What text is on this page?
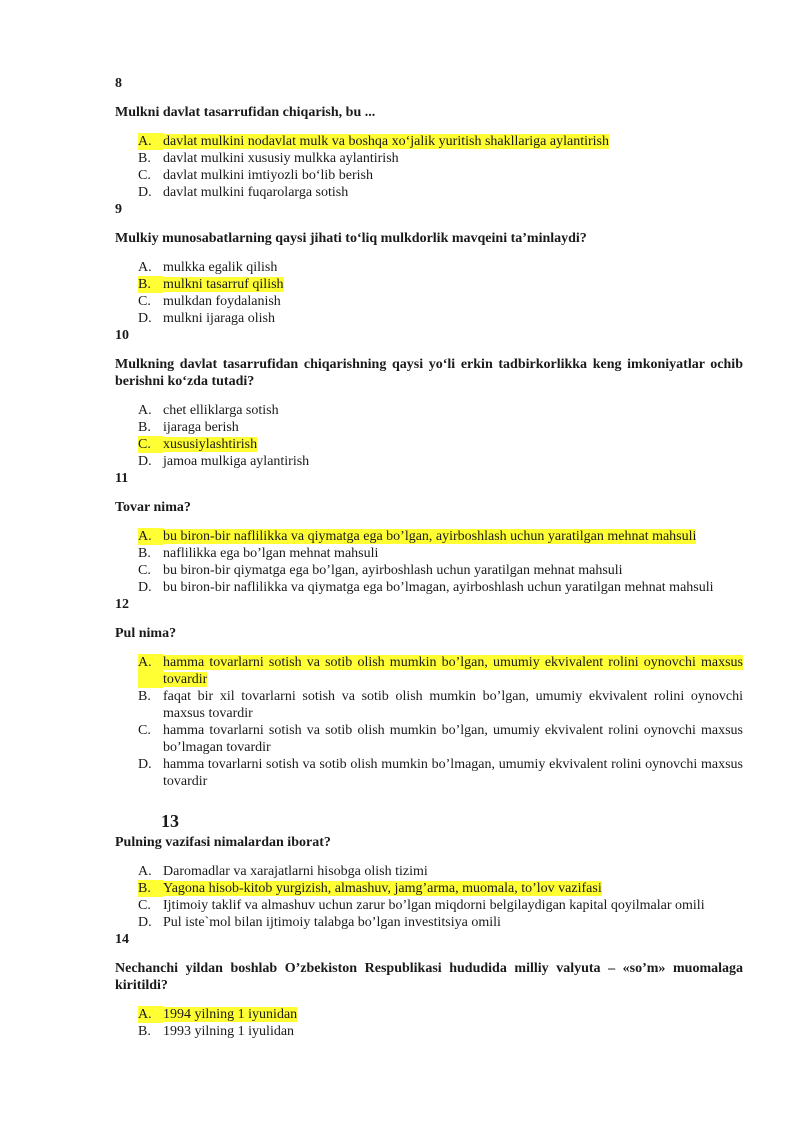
8
Mulkni davlat tasarrufidan chiqarish, bu ...
A. davlat mulkini nodavlat mulk va boshqa xo‘jalik yuritish shakllariga aylantirish
B. davlat mulkini xususiy mulkka aylantirish
C. davlat mulkini imtiyozli bo‘lib berish
D. davlat mulkini fuqarolarga sotish
9
Mulkiy munosabatlarning qaysi jihati to‘liq mulkdorlik mavqeini ta’minlaydi?
A. mulkka egalik qilish
B. mulkni tasarruf qilish
C. mulkdan foydalanish
D. mulkni ijaraga olish
10
Mulkning davlat tasarrufidan chiqarishning qaysi yo‘li erkin tadbirkorlikka keng imkoniyatlar ochib berishni ko‘zda tutadi?
A. chet elliklarga sotish
B. ijaraga berish
C. xususiylashtirish
D. jamoa mulkiga aylantirish
11
Tovar nima?
A. bu biron-bir naflilikka va qiymatga ega bo’lgan, ayirboshlash uchun yaratilgan mehnat mahsuli
B. naflilikka ega bo’lgan mehnat mahsuli
C. bu biron-bir qiymatga ega bo’lgan, ayirboshlash uchun yaratilgan mehnat mahsuli
D. bu biron-bir naflilikka va qiymatga ega bo’lmagan, ayirboshlash uchun yaratilgan mehnat mahsuli
12
Pul nima?
A. hamma tovarlarni sotish va sotib olish mumkin bo’lgan, umumiy ekvivalent rolini oynovchi maxsus tovardir
B. faqat bir xil tovarlarni sotish va sotib olish mumkin bo’lgan, umumiy ekvivalent rolini oynovchi maxsus tovardir
C. hamma tovarlarni sotish va sotib olish mumkin bo’lgan, umumiy ekvivalent rolini oynovchi maxsus bo’lmagan tovardir
D. hamma tovarlarni sotish va sotib olish mumkin bo’lmagan, umumiy ekvivalent rolini oynovchi maxsus tovardir
13
Pulning vazifasi nimalardan iborat?
A. Daromadlar va xarajatlarni hisobga olish tizimi
B. Yagona hisob-kitob yurgizish, almashuv, jamg’arma, muomala, to’lov vazifasi
C. Ijtimoiy taklif va almashuv uchun zarur bo’lgan miqdorni belgilaydigan kapital qoyilmalar omili
D. Pul iste`mol bilan ijtimoiy talabga bo’lgan investitsiya omili
14
Nechanchi yildan boshlab O’zbekiston Respublikasi hududida milliy valyuta – «so’m» muomalaga kiritildi?
A. 1994 yilning 1 iyunidan
B. 1993 yilning 1 iyulidan
